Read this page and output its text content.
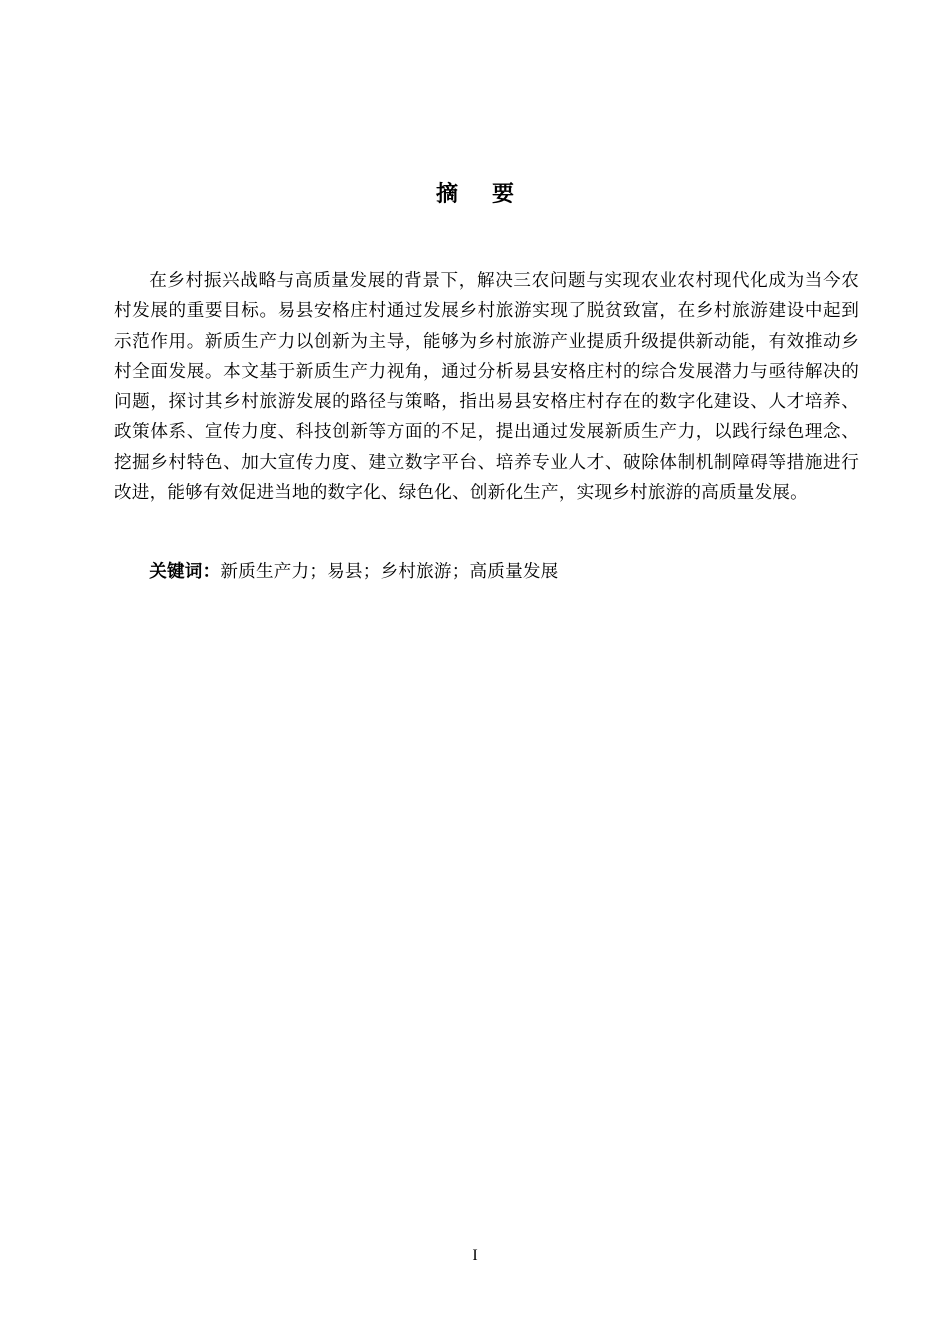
摘要

在乡村振兴战略与高质量发展的背景下，解决三农问题与实现农业农村现代化成为当今农村发展的重要目标。易县安格庄村通过发展乡村旅游实现了脱贫致富，在乡村旅游建设中起到示范作用。新质生产力以创新为主导，能够为乡村旅游产业提质升级提供新动能，有效推动乡村全面发展。本文基于新质生产力视角，通过分析易县安格庄村的综合发展潜力与亟待解决的问题，探讨其乡村旅游发展的路径与策略，指出易县安格庄村存在的数字化建设、人才培养、政策体系、宣传力度、科技创新等方面的不足，提出通过发展新质生产力，以践行绿色理念、挖掘乡村特色、加大宣传力度、建立数字平台、培养专业人才、破除体制机制障碍等措施进行改进，能够有效促进当地的数字化、绿色化、创新化生产，实现乡村旅游的高质量发展。

关键词：新质生产力；易县；乡村旅游；高质量发展

I
